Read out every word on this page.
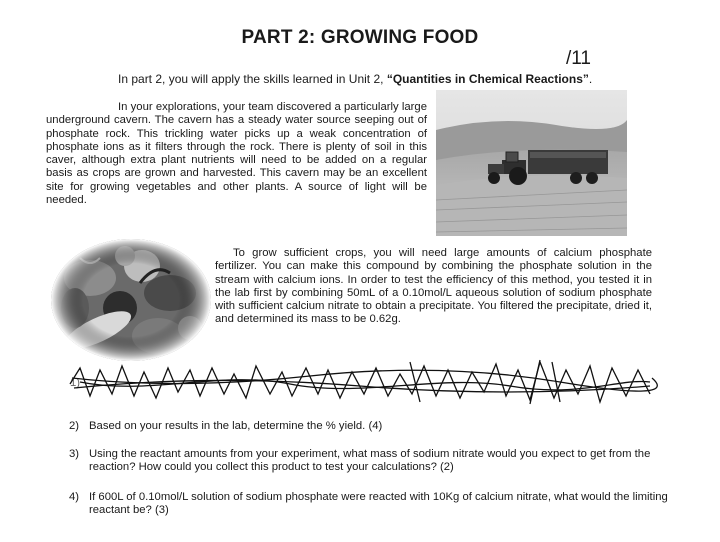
PART 2: GROWING FOOD
/11
In part 2, you will apply the skills learned in Unit 2, “Quantities in Chemical Reactions”.
In your explorations, your team discovered a particularly large underground cavern. The cavern has a steady water source seeping out of phosphate rock. This trickling water picks up a weak concentration of phosphate ions as it filters through the rock. There is plenty of soil in this caver, although extra plant nutrients will need to be added on a regular basis as crops are grown and harvested. This cavern may be an excellent site for growing vegetables and other plants. A source of light will be needed.
To grow sufficient crops, you will need large amounts of calcium phosphate fertilizer. You can make this compound by combining the phosphate solution in the stream with calcium ions. In order to test the efficiency of this method, you tested it in the lab first by combining 50mL of a 0.10mol/L aqueous solution of sodium phosphate with sufficient calcium nitrate to obtain a precipitate. You filtered the precipitate, dried it, and determined its mass to be 0.62g.
1)
2) Based on your results in the lab, determine the % yield. (4)
3) Using the reactant amounts from your experiment, what mass of sodium nitrate would you expect to get from the reaction? How could you collect this product to test your calculations? (2)
4) If 600L of 0.10mol/L solution of sodium phosphate were reacted with 10Kg of calcium nitrate, what would the limiting reactant be? (3)
